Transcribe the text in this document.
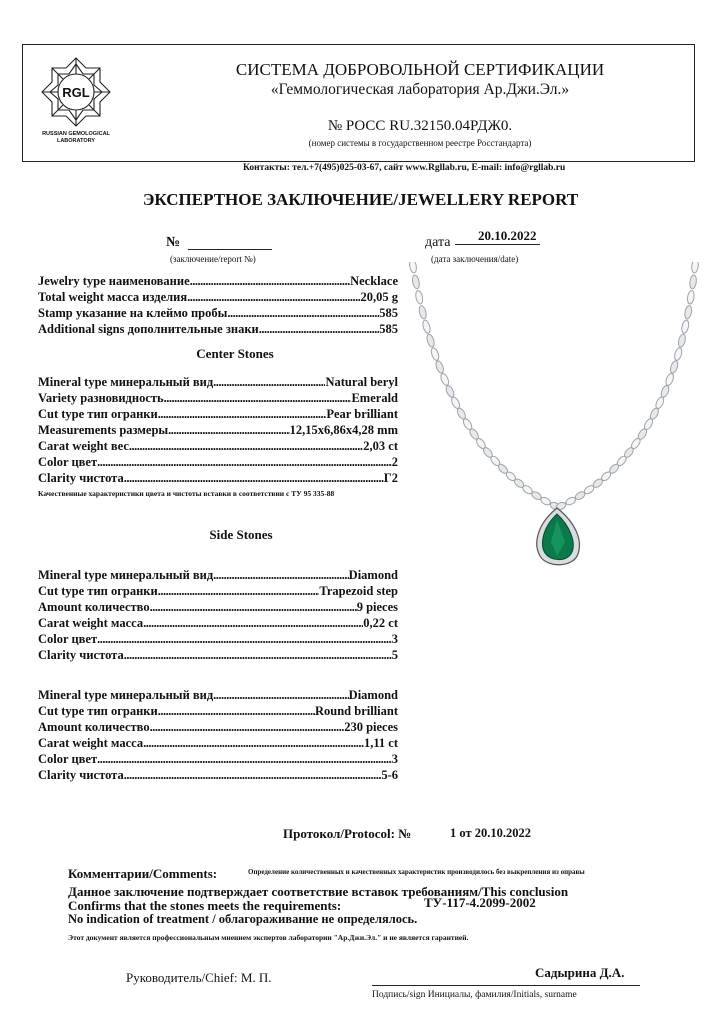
RGL
RUSSIAN GEMOLOGICAL
LABORATORY
СИСТЕМА ДОБРОВОЛЬНОЙ СЕРТИФИКАЦИИ
«Геммологическая лаборатория Ар.Джи.Эл.»
№ РОСС RU.32150.04РДЖ0.
(номер системы в государственном реестре Росстандарта)
Контакты: тел.+7(495)025-03-67, сайт www.Rgllab.ru, E-mail: info@rgllab.ru
ЭКСПЕРТНОЕ ЗАКЛЮЧЕНИЕ/JEWELLERY REPORT
№
(заключение/report №)
дата 20.10.2022
(дата заключения/date)
Jewelry type наименование .....	Necklace
Total weight масса изделия .....	20,05 g
Stamp указание на клеймо пробы .....	585
Additional signs дополнительные знаки .....	585
Center Stones
Mineral type минеральный вид .....	Natural beryl
Variety разновидность .....	Emerald
Cut type тип огранки .....	Pear brilliant
Measurements размеры .....	12,15x6,86x4,28 mm
Carat weight вес .....	2,03 ct
Color цвет .....	2
Clarity чистота .....	Г2
Качественные характеристики цвета и чистоты вставки в соответствии с ТУ 95 335-88
Side Stones
Mineral type минеральный вид .....	Diamond
Cut type тип огранки .....	Trapezoid step
Amount количество .....	9 pieces
Carat weight масса .....	0,22 ct
Color цвет .....	3
Clarity чистота .....	5
Mineral type минеральный вид .....	Diamond
Cut type тип огранки .....	Round brilliant
Amount количество .....	230 pieces
Carat weight масса .....	1,11 ct
Color цвет .....	3
Clarity чистота .....	5-6
Протокол/Protocol: №	1 от 20.10.2022
Комментарии/Comments:	Определение количественных и качественных характеристик производилось без выкрепления из оправы
Данное заключение подтверждает соответствие вставок требованиям/This conclusion
Confirms that the stones meets the requirements:	ТУ-117-4.2099-2002
No indication of treatment / облагораживание не определялось.
Этот документ является профессиональным мнением экспертов лаборатории "Ар.Джи.Эл." и не является гарантией.
Руководитель/Chief: М. П.	Садырина Д.А.
Подпись/sign Инициалы, фамилия/Initials, surname
